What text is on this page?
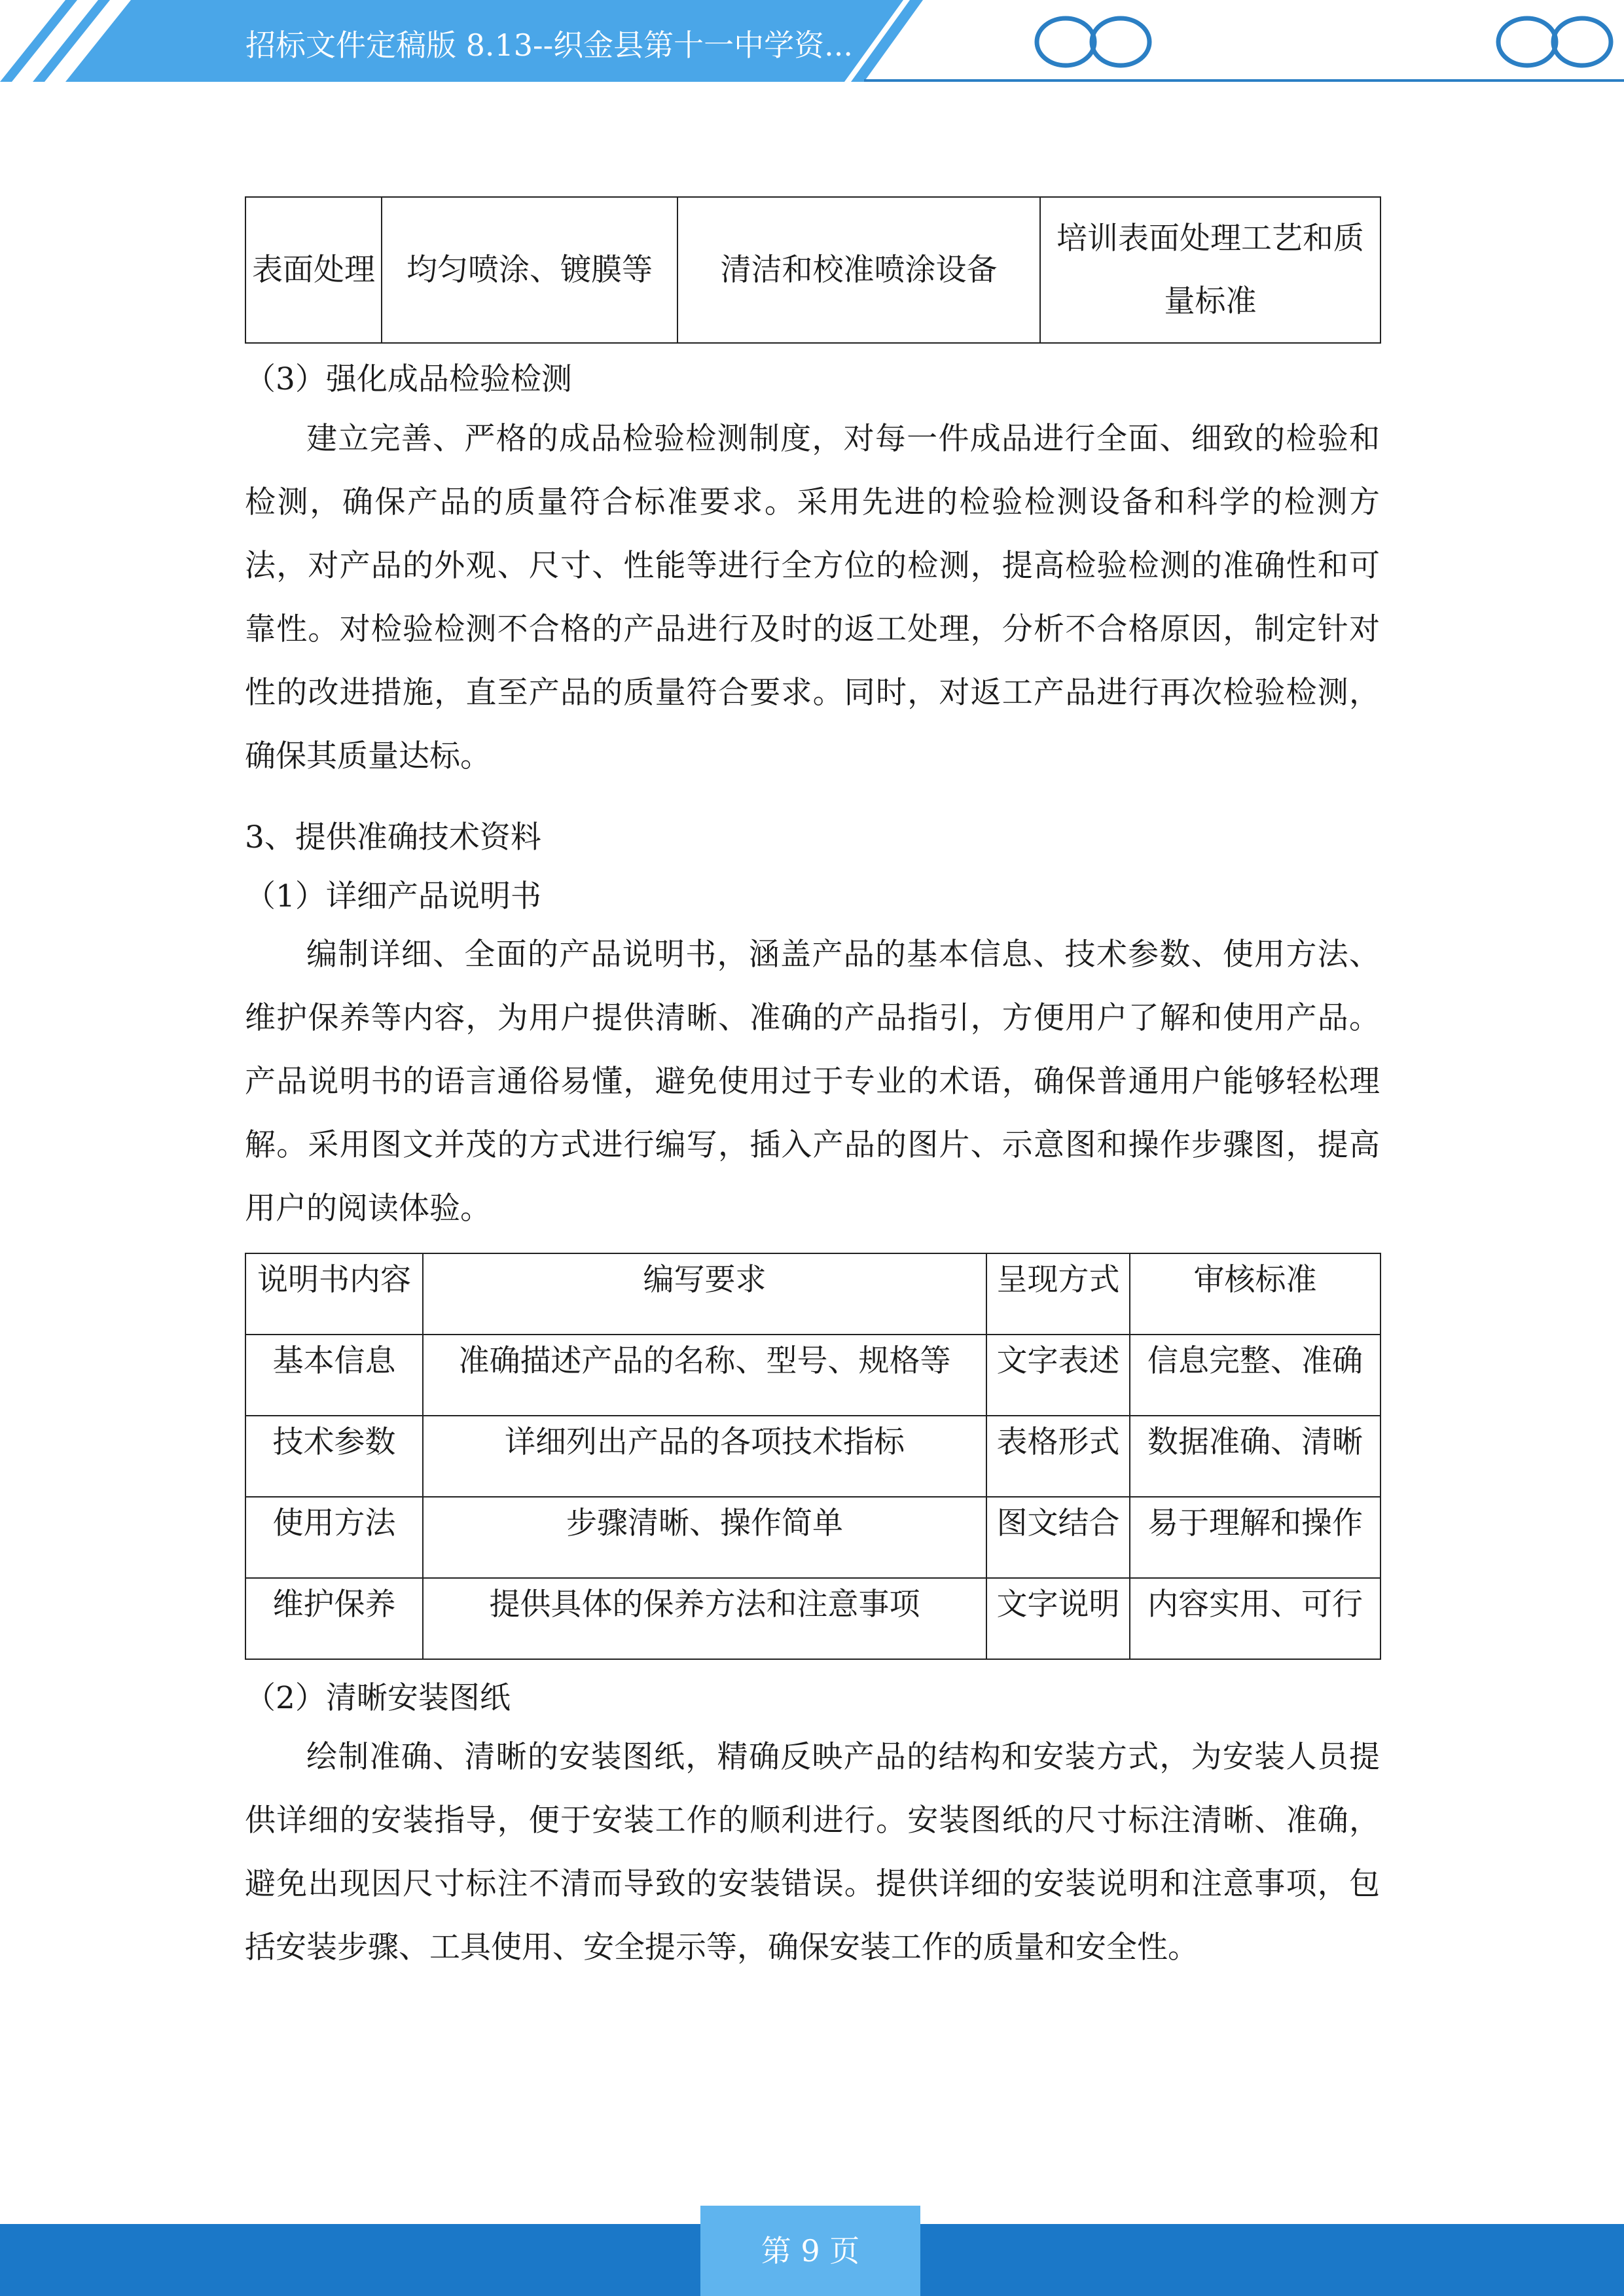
招标文件定稿版 8.13--织金县第十一中学资...
表面处理	均匀喷涂、镀膜等	清洁和校准喷涂设备	培训表面处理工艺和质量标准

（3）强化成品检验检测

建立完善、严格的成品检验检测制度，对每一件成品进行全面、细致的检验和检测，确保产品的质量符合标准要求。采用先进的检验检测设备和科学的检测方法，对产品的外观、尺寸、性能等进行全方位的检测，提高检验检测的准确性和可靠性。对检验检测不合格的产品进行及时的返工处理，分析不合格原因，制定针对性的改进措施，直至产品的质量符合要求。同时，对返工产品进行再次检验检测，确保其质量达标。

3、提供准确技术资料

（1）详细产品说明书

编制详细、全面的产品说明书，涵盖产品的基本信息、技术参数、使用方法、维护保养等内容，为用户提供清晰、准确的产品指引，方便用户了解和使用产品。产品说明书的语言通俗易懂，避免使用过于专业的术语，确保普通用户能够轻松理解。采用图文并茂的方式进行编写，插入产品的图片、示意图和操作步骤图，提高用户的阅读体验。

说明书内容	编写要求	呈现方式	审核标准
基本信息	准确描述产品的名称、型号、规格等	文字表述	信息完整、准确
技术参数	详细列出产品的各项技术指标	表格形式	数据准确、清晰
使用方法	步骤清晰、操作简单	图文结合	易于理解和操作
维护保养	提供具体的保养方法和注意事项	文字说明	内容实用、可行

（2）清晰安装图纸

绘制准确、清晰的安装图纸，精确反映产品的结构和安装方式，为安装人员提供详细的安装指导，便于安装工作的顺利进行。安装图纸的尺寸标注清晰、准确，避免出现因尺寸标注不清而导致的安装错误。提供详细的安装说明和注意事项，包括安装步骤、工具使用、安全提示等，确保安装工作的质量和安全性。

第 9 页
